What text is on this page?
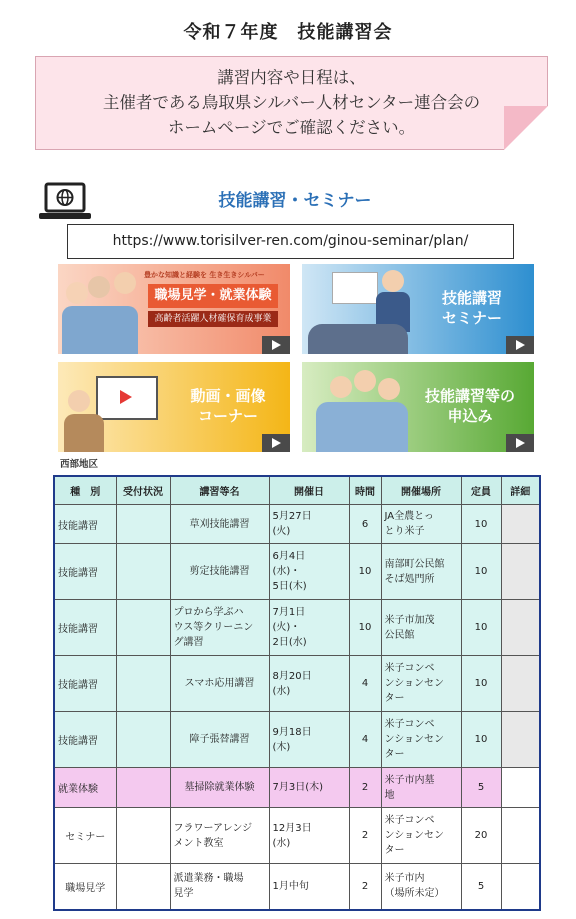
令和７年度　技能講習会
講習内容や日程は、
主催者である鳥取県シルバー人材センター連合会の
ホームページでご確認ください。
技能講習・セミナー
https://www.torisilver-ren.com/ginou-seminar/plan/
豊かな知識と経験を 生き生きシルバー
職場見学・就業体験
高齢者活躍人材確保育成事業
技能講習
セミナー
動画・画像
コーナー
技能講習等の
申込み
西部地区
種　別	受付状況	講習等名	開催日	時間	開催場所	定員	詳細
技能講習		草刈技能講習	5月27日
(火)	6	JA全農とっ
とり米子	10	
技能講習		剪定技能講習	6月4日
(水)・
5日(木)	10	南部町公民館
そば処門所	10	
技能講習		プロから学ぶハ
ウス等クリーニン
グ講習	7月1日
(火)・
2日(水)	10	米子市加茂
公民館	10	
技能講習		スマホ応用講習	8月20日
(水)	4	米子コンベ
ンションセン
ター	10	
技能講習		障子張替講習	9月18日
(木)	4	米子コンベ
ンションセン
ター	10	
就業体験		墓掃除就業体験	7月3日(木)	2	米子市内墓
地	5	
セミナー		フラワーアレンジ
メント教室	12月3日
(水)	2	米子コンベ
ンションセン
ター	20	
職場見学		派遣業務・職場
見学	1月中旬	2	米子市内
（場所未定）	5	
